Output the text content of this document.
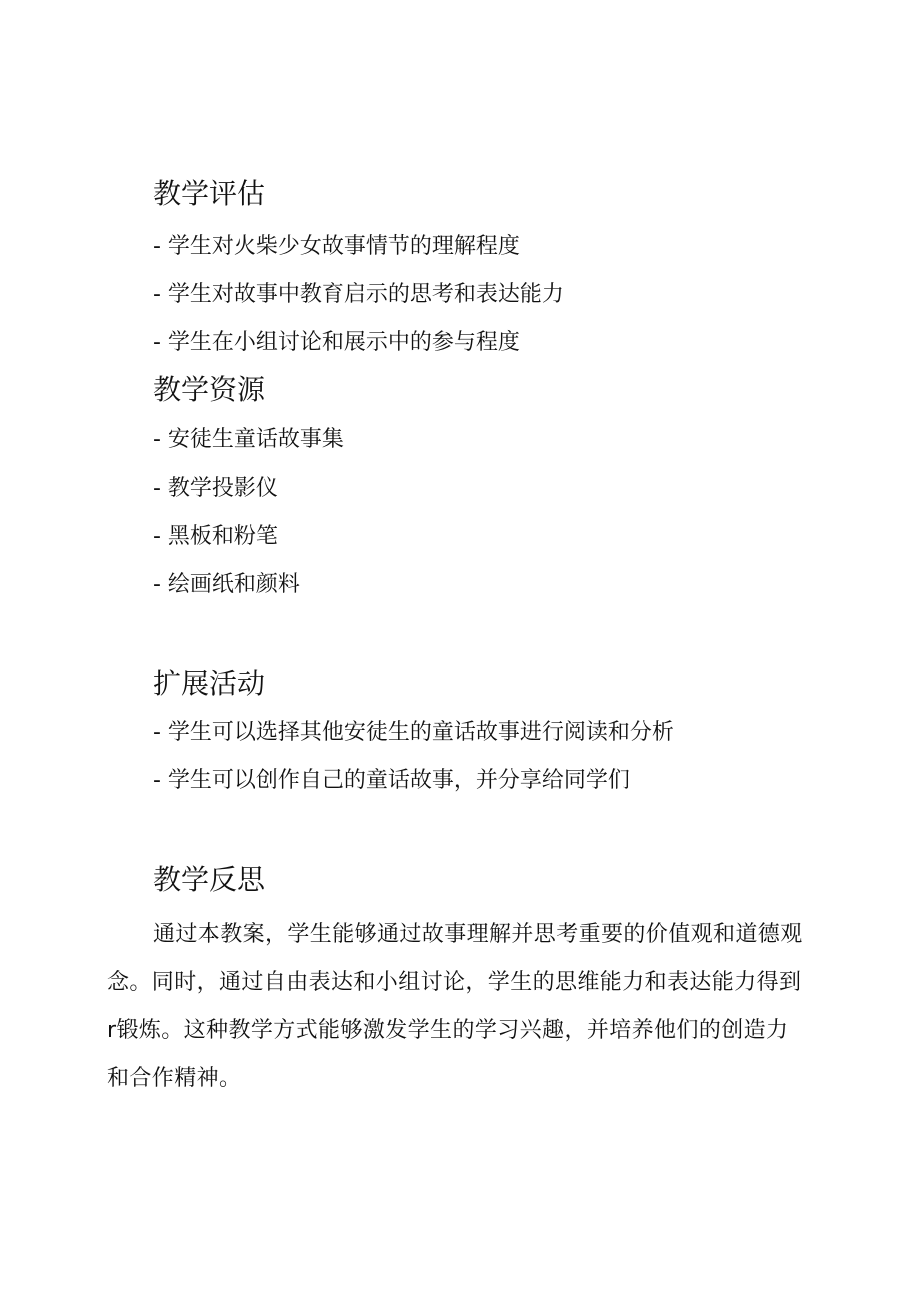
教学评估

- 学生对火柴少女故事情节的理解程度

- 学生对故事中教育启示的思考和表达能力

- 学生在小组讨论和展示中的参与程度

教学资源

- 安徒生童话故事集

- 教学投影仪

- 黑板和粉笔

- 绘画纸和颜料

扩展活动

- 学生可以选择其他安徒生的童话故事进行阅读和分析

- 学生可以创作自己的童话故事，并分享给同学们

教学反思

通过本教案，学生能够通过故事理解并思考重要的价值观和道德观念。同时，通过自由表达和小组讨论，学生的思维能力和表达能力得到r锻炼。这种教学方式能够激发学生的学习兴趣，并培养他们的创造力和合作精神。
